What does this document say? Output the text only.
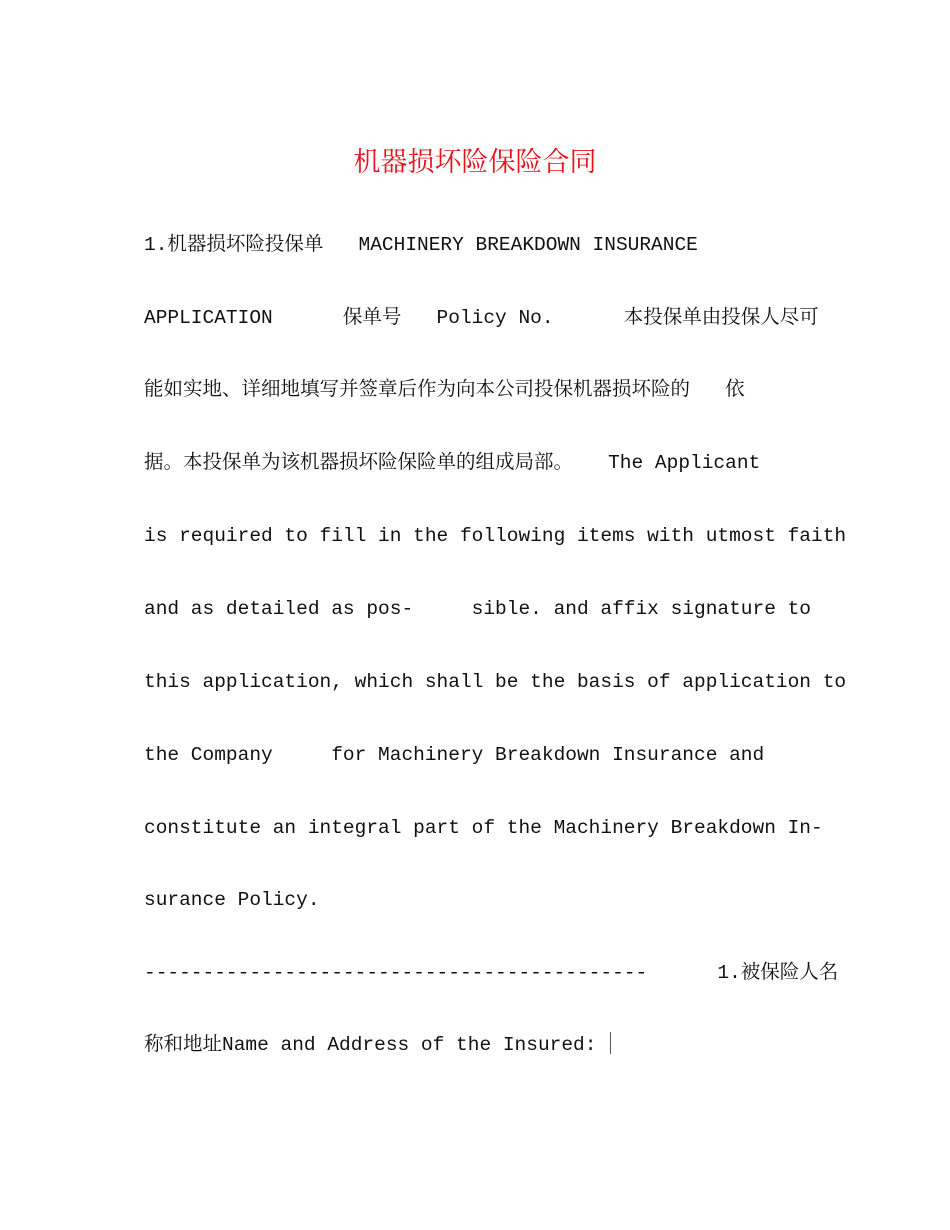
机器损坏险保险合同
1.机器损坏险投保单   MACHINERY BREAKDOWN INSURANCE
APPLICATION      保单号   Policy No.      本投保单由投保人尽可
能如实地、详细地填写并签章后作为向本公司投保机器损坏险的   依
据。本投保单为该机器损坏险保险单的组成局部。   The Applicant
is required to fill in the following items with utmost faith
and as detailed as pos-     sible. and affix signature to
this application, which shall be the basis of application to
the Company     for Machinery Breakdown Insurance and
constitute an integral part of the Machinery Breakdown In-
surance Policy.
-------------------------------------------      1.被保险人名
称和地址Name and Address of the Insured:
